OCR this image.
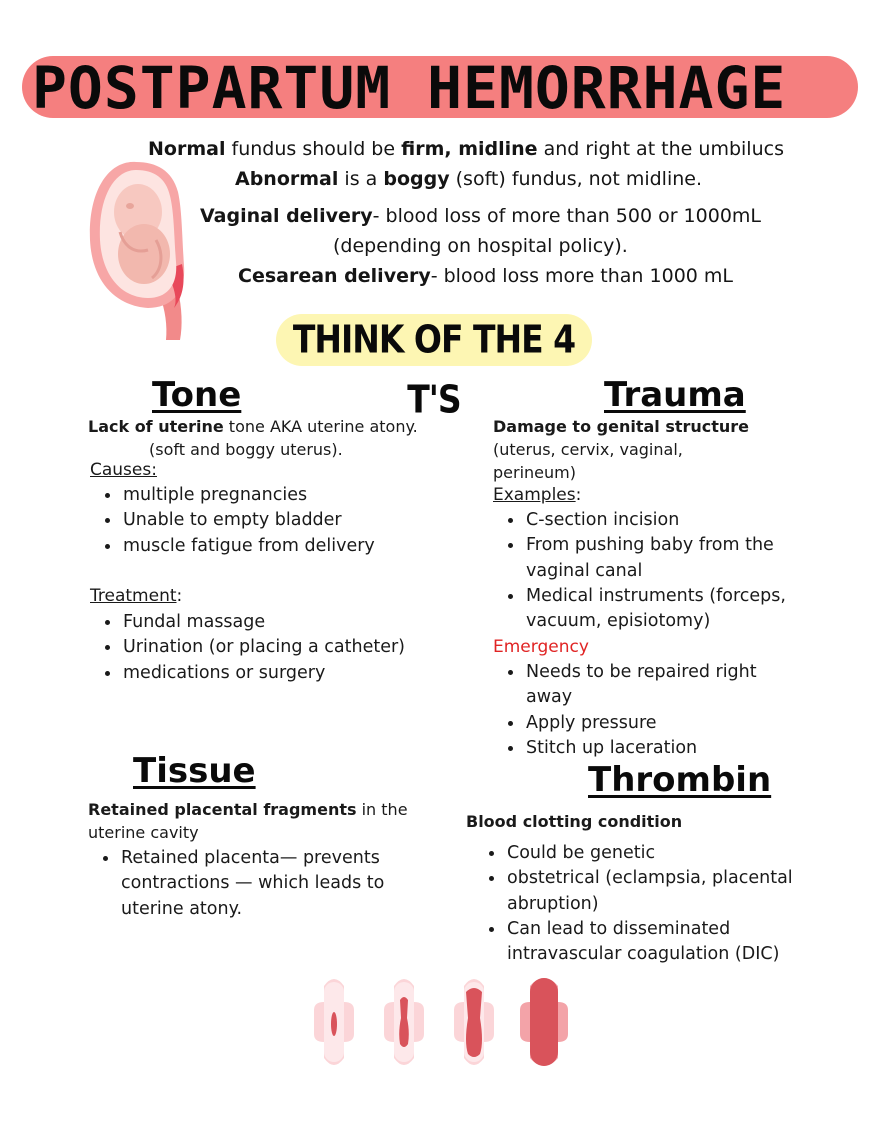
POSTPARTUM HEMORRHAGE
Normal fundus should be firm, midline and right at the umbilucs
Abnormal is a boggy (soft) fundus, not midline.
Vaginal delivery- blood loss of more than 500 or 1000mL
(depending on hospital policy).
Cesarean delivery- blood loss more than 1000 mL
THINK OF THE 4 T'S
Tone
Lack of uterine tone AKA uterine atony.
(soft and boggy uterus).
Causes:
• multiple pregnancies
• Unable to empty bladder
• muscle fatigue from delivery
Treatment:
• Fundal massage
• Urination (or placing a catheter)
• medications or surgery
Trauma
Damage to genital structure
(uterus, cervix, vaginal,
perineum)
Examples:
• C-section incision
• From pushing baby from the vaginal canal
• Medical instruments (forceps, vacuum, episiotomy)
Emergency
• Needs to be repaired right away
• Apply pressure
• Stitch up laceration
Tissue
Retained placental fragments in the
uterine cavity
• Retained placenta— prevents contractions — which leads to uterine atony.
Thrombin
Blood clotting condition
• Could be genetic
• obstetrical (eclampsia, placental abruption)
• Can lead to disseminated intravascular coagulation (DIC)
